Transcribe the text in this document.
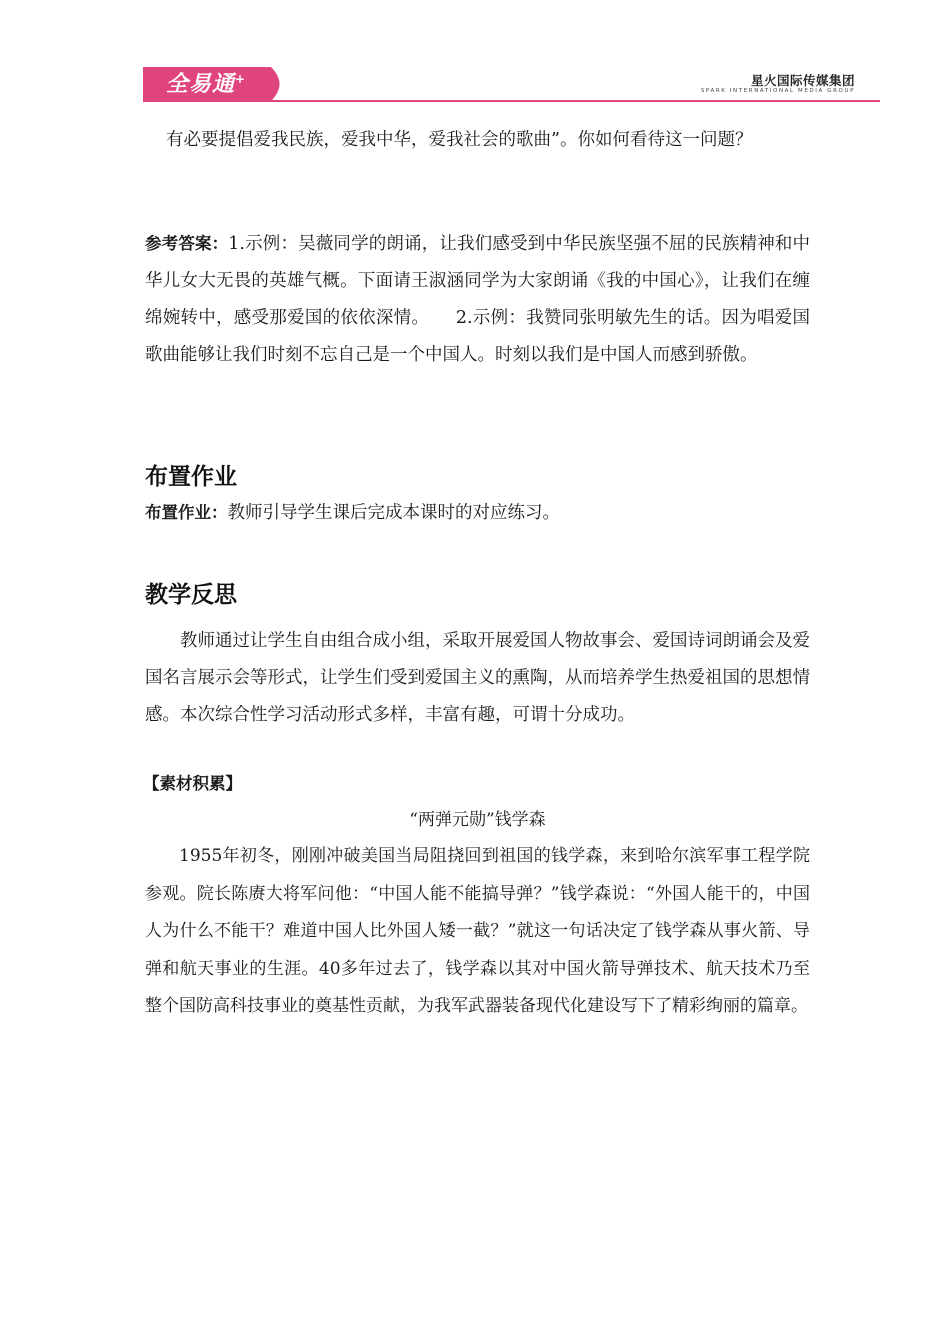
全易通+	星火国际传媒集团
SPARK INTERNATIONAL MEDIA GROUP

有必要提倡爱我民族，爱我中华，爱我社会的歌曲”。你如何看待这一问题？

参考答案：1.示例：吴薇同学的朗诵，让我们感受到中华民族坚强不屈的民族精神和中华儿女大无畏的英雄气概。下面请王淑涵同学为大家朗诵《我的中国心》，让我们在缠绵婉转中，感受那爱国的依依深情。　　2.示例：我赞同张明敏先生的话。因为唱爱国歌曲能够让我们时刻不忘自己是一个中国人。时刻以我们是中国人而感到骄傲。

布置作业

布置作业：教师引导学生课后完成本课时的对应练习。

教学反思

教师通过让学生自由组合成小组，采取开展爱国人物故事会、爱国诗词朗诵会及爱国名言展示会等形式，让学生们受到爱国主义的熏陶，从而培养学生热爱祖国的思想情感。本次综合性学习活动形式多样，丰富有趣，可谓十分成功。

【素材积累】
“两弹元勋”钱学森

1955年初冬，刚刚冲破美国当局阻挠回到祖国的钱学森，来到哈尔滨军事工程学院参观。院长陈赓大将军问他：“中国人能不能搞导弹？”钱学森说：“外国人能干的，中国人为什么不能干？难道中国人比外国人矮一截？”就这一句话决定了钱学森从事火箭、导弹和航天事业的生涯。40多年过去了，钱学森以其对中国火箭导弹技术、航天技术乃至整个国防高科技事业的奠基性贡献，为我军武器装备现代化建设写下了精彩绚丽的篇章。
